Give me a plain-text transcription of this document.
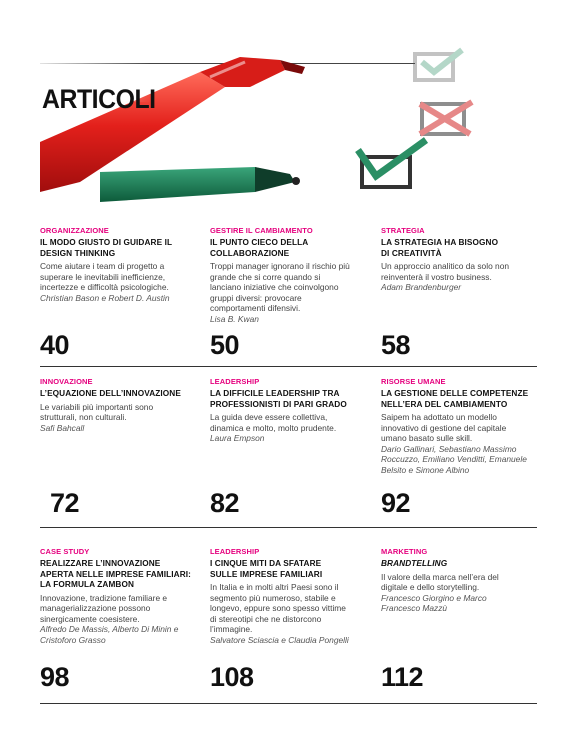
ARTICOLI
ORGANIZZAZIONE
IL MODO GIUSTO DI GUIDARE IL DESIGN THINKING
Come aiutare i team di progetto a superare le inevitabili inefficienze, incertezze e difficoltà psicologiche.
Christian Bason e Robert D. Austin
40
GESTIRE IL CAMBIAMENTO
IL PUNTO CIECO DELLA COLLABORAZIONE
Troppi manager ignorano il rischio più grande che si corre quando si lanciano iniziative che coinvolgono gruppi diversi: provocare comportamenti difensivi.
Lisa B. Kwan
50
STRATEGIA
LA STRATEGIA HA BISOGNO DI CREATIVITÀ
Un approccio analitico da solo non reinventerà il vostro business.
Adam Brandenburger
58
INNOVAZIONE
L’EQUAZIONE DELL’INNOVAZIONE
Le variabili più importanti sono strutturali, non culturali.
Safi Bahcall
72
LEADERSHIP
LA DIFFICILE LEADERSHIP TRA PROFESSIONISTI DI PARI GRADO
La guida deve essere collettiva, dinamica e molto, molto prudente.
Laura Empson
82
RISORSE UMANE
LA GESTIONE DELLE COMPETENZE NELL’ERA DEL CAMBIAMENTO
Saipem ha adottato un modello innovativo di gestione del capitale umano basato sulle skill.
Dario Gallinari, Sebastiano Massimo Roccuzzo, Emiliano Venditti, Emanuele Belsito e Simone Albino
92
CASE STUDY
REALIZZARE L’INNOVAZIONE APERTA NELLE IMPRESE FAMILIARI: LA FORMULA ZAMBON
Innovazione, tradizione familiare e managerializzazione possono sinergicamente coesistere.
Alfredo De Massis, Alberto Di Minin e Cristoforo Grasso
98
LEADERSHIP
I CINQUE MITI DA SFATARE SULLE IMPRESE FAMILIARI
In Italia e in molti altri Paesi sono il segmento più numeroso, stabile e longevo, eppure sono spesso vittime di stereotipi che ne distorcono l’immagine.
Salvatore Sciascia e Claudia Pongelli
108
MARKETING
BRANDTELLING
Il valore della marca nell’era del digitale e dello storytelling.
Francesco Giorgino e Marco Francesco Mazzù
112
